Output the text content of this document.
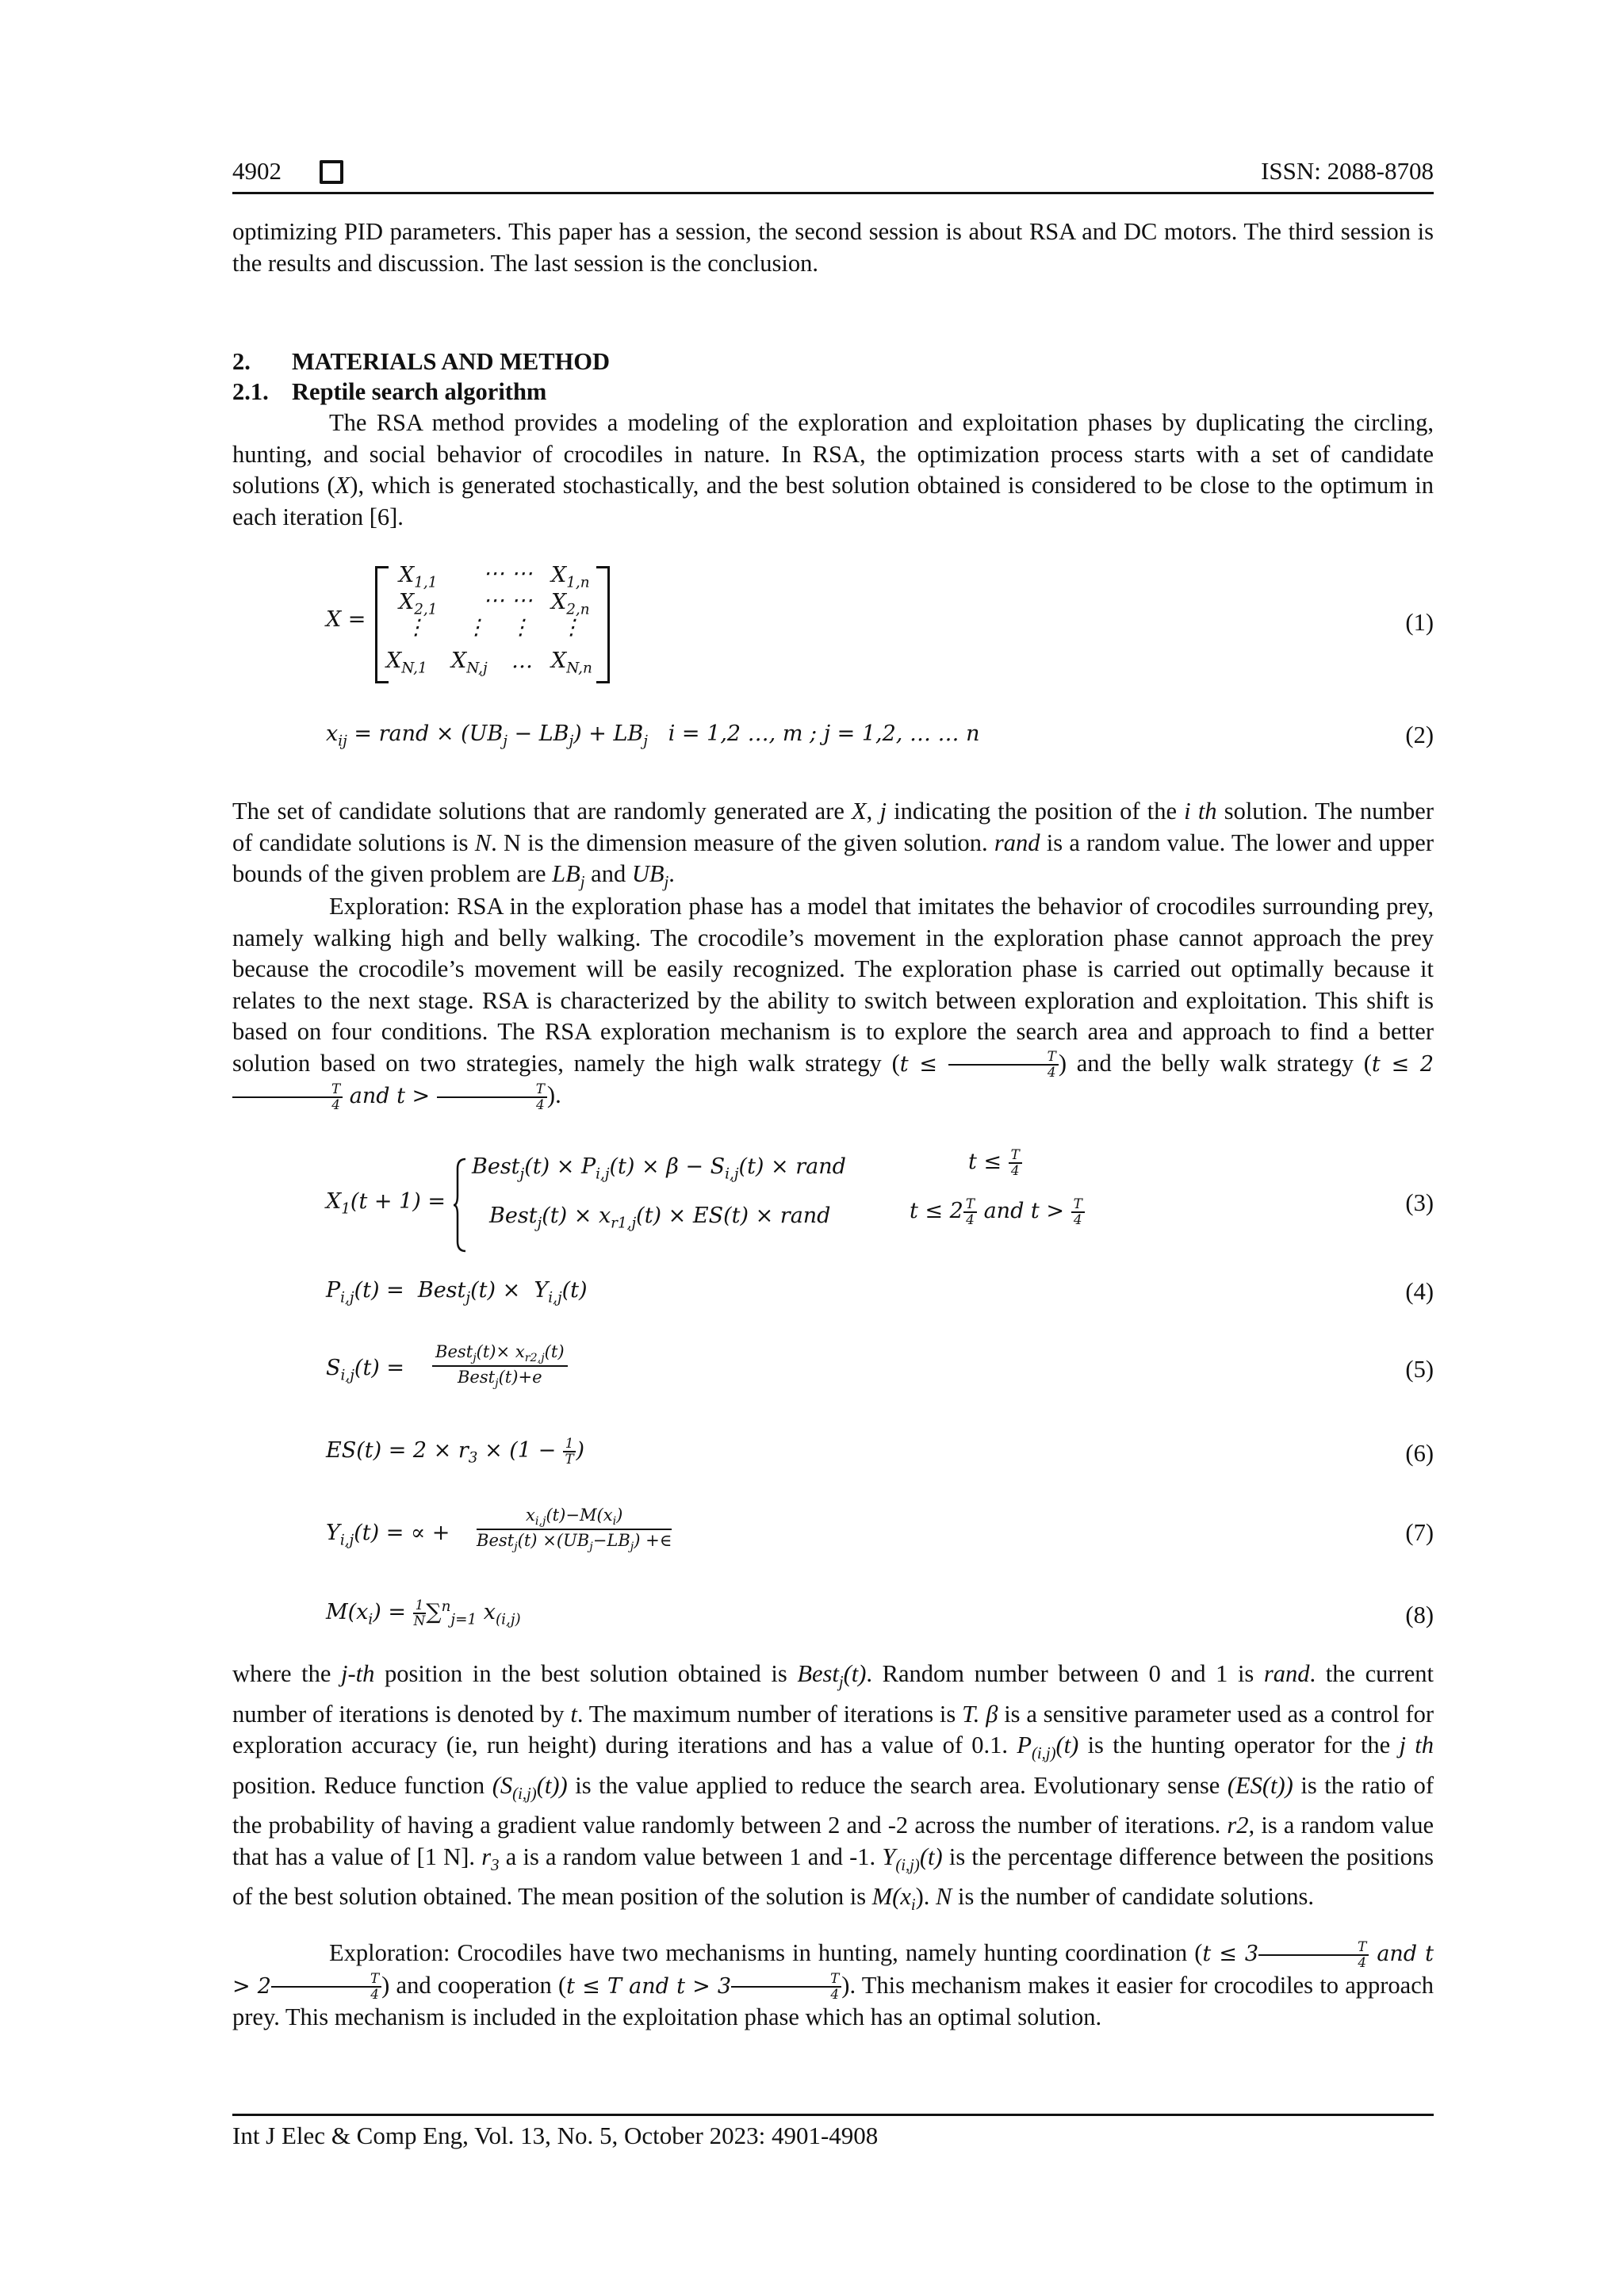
4902	ISSN: 2088-8708

optimizing PID parameters. This paper has a session, the second session is about RSA and DC motors. The third session is the results and discussion. The last session is the conclusion.

2. MATERIALS AND METHOD
2.1. Reptile search algorithm

The RSA method provides a modeling of the exploration and exploitation phases by duplicating the circling, hunting, and social behavior of crocodiles in nature. In RSA, the optimization process starts with a set of candidate solutions (X), which is generated stochastically, and the best solution obtained is considered to be close to the optimum in each iteration [6].

X =
$X_{1,1}$ ⋯ ⋯ $X_{1,n}$
$X_{2,1}$ ⋯ ⋯ $X_{2,n}$
⋮ ⋮ ⋮ ⋮
$X_{N,1}$ $X_{N,j}$ … $X_{N,n}$
(1)
$x_{ij}$ = rand × $(UB_j - LB_j) + LB_j$   i = 1,2 …, m ; j = 1,2, … … n	(2)

The set of candidate solutions that are randomly generated are X, j indicating the position of the i th solution. The number of candidate solutions is N. N is the dimension measure of the given solution. rand is a random value. The lower and upper bounds of the given problem are $LB_j$ and $UB_j$.

Exploration: RSA in the exploration phase has a model that imitates the behavior of crocodiles surrounding prey, namely walking high and belly walking. The crocodile’s movement in the exploration phase cannot approach the prey because the crocodile’s movement will be easily recognized. The exploration phase is carried out optimally because it relates to the next stage. RSA is characterized by the ability to switch between exploration and exploitation. This shift is based on four conditions. The RSA exploration mechanism is to explore the search area and approach to find a better solution based on two strategies, namely the high walk strategy ($t \le \frac{T}{4}$ ) and the belly walk strategy (t ≤ 2
$\frac{T}{4}$ and $t > \frac{T}{4}$ ).

$X_1(t + 1)$ =
Best$_j$(t) × $P_{i,j}(t) \times \beta - S_{i,j}(t)$ × rand	$t \le \frac{T}{4}$
Best$_j$(t) × $x_{r1,j}(t) \times ES(t)$ × rand	$t \le 2 \frac{T}{4}$ and $t > \frac{T}{4}$	(3)
$P_{i,j}(t)$ =  Best$_j$(t) ×  $Y_{i,j}(t)$	(4)
$S_{i,j}(t)$ =
Best$_j$(t)× $x_{r2,j}(t)$
Best$_j$(t)+e	(5)
$ES(t) = 2 \times r_3 \times (1 - \frac{1}{T}$ )	(6)
$Y_{i,j}(t)$ = ∝ +
$x_{i,j}(t)-M(x_i)$
Best$_j$(t) $\times(UB_j-LB_j)$ +∈	(7)
$M(x_i) = \frac{1}{N} \sum^n_{j=1}$ $x_{(i,j)}$	(8)

where the j-th position in the best solution obtained is Best$_j$(t). Random number between 0 and 1 is rand. the current number of iterations is denoted by t. The maximum number of iterations is T. β is a sensitive parameter used as a control for exploration accuracy (ie, run height) during iterations and has a value of 0.1. $P_{(i,j)}(t)$ is the hunting operator for the j th position. Reduce function $(S_{(i,j)}(t))$ is the value applied to reduce the search area. Evolutionary sense (ES(t)) is the ratio of the probability of having a gradient value randomly between 2 and -2 across the number of iterations. r2, is a random value that has a value of [1 N]. $r_3$ a is a random value between 1 and -1. $Y_{(i,j)}(t)$ is the percentage difference between the positions of the best solution obtained. The mean position of the solution is $M(x_i)$. N is the number of candidate solutions.

Exploration: Crocodiles have two mechanisms in hunting, namely hunting coordination ($t \le 3 \frac{T}{4}$ and $t > 2 \frac{T}{4}$ ) and cooperation (t ≤ T and $t > 3 \frac{T}{4}$ ). This mechanism makes it easier for crocodiles to approach prey. This mechanism is included in the exploitation phase which has an optimal solution.

Int J Elec & Comp Eng, Vol. 13, No. 5, October 2023: 4901-4908
